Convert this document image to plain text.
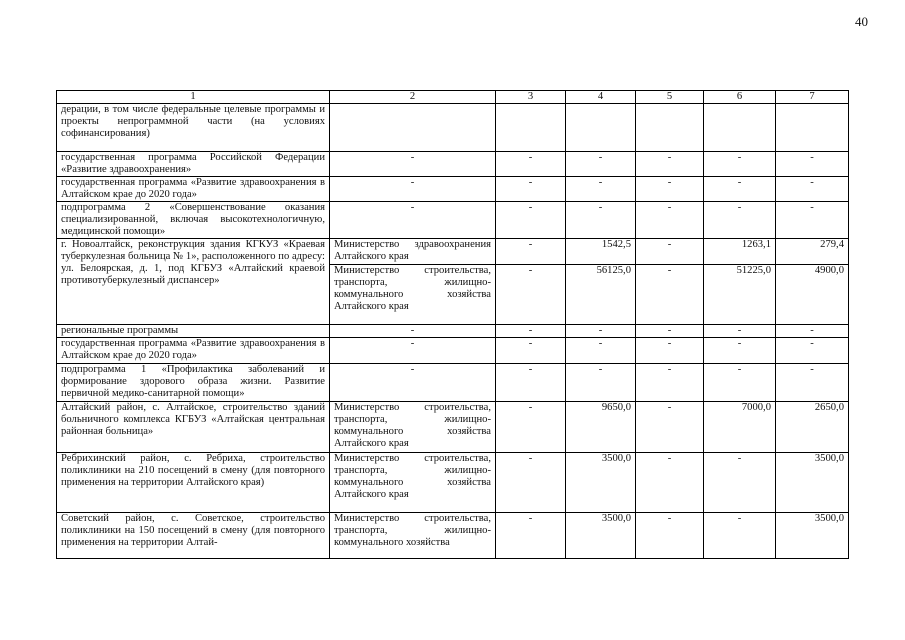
40
1	2	3	4	5	6	7
дерации, в том числе федеральные целевые программы и проекты непрограммной части (на условиях софинансирования)						
государственная программа Российской Федерации «Развитие здравоохранения»	-	-	-	-	-	-
государственная программа «Развитие здравоохранения в Алтайском крае до 2020 года»	-	-	-	-	-	-
подпрограмма 2 «Совершенствование оказания специализированной, включая высокотехнологичную, медицинской помощи»	-	-	-	-	-	-
г. Новоалтайск, реконструкция здания КГКУЗ «Краевая туберкулезная больница № 1», расположенного по адресу: ул. Белоярская, д. 1, под КГБУЗ «Алтайский краевой противотуберкулезный диспансер»	Министерство здравоохранения Алтайского края	-	1542,5	-	1263,1	279,4
	Министерство строительства, транспорта, жилищно-коммунального хозяйства Алтайского края	-	56125,0	-	51225,0	4900,0
региональные программы	-	-	-	-	-	-
государственная программа «Развитие здравоохранения в Алтайском крае до 2020 года»	-	-	-	-	-	-
подпрограмма 1 «Профилактика заболеваний и формирование здорового образа жизни. Развитие первичной медико-санитарной помощи»	-	-	-	-	-	-
Алтайский район, с. Алтайское, строительство зданий больничного комплекса КГБУЗ «Алтайская центральная районная больница»	Министерство строительства, транспорта, жилищно-коммунального хозяйства Алтайского края	-	9650,0	-	7000,0	2650,0
Ребрихинский район, с. Ребриха, строительство поликлиники на 210 посещений в смену (для повторного применения на территории Алтайского края)	Министерство строительства, транспорта, жилищно-коммунального хозяйства Алтайского края	-	3500,0	-	-	3500,0
Советский район, с. Советское, строительство поликлиники на 150 посещений в смену (для повторного применения на территории Алтай-	Министерство строительства, транспорта, жилищно-коммунального хозяйства	-	3500,0	-	-	3500,0
